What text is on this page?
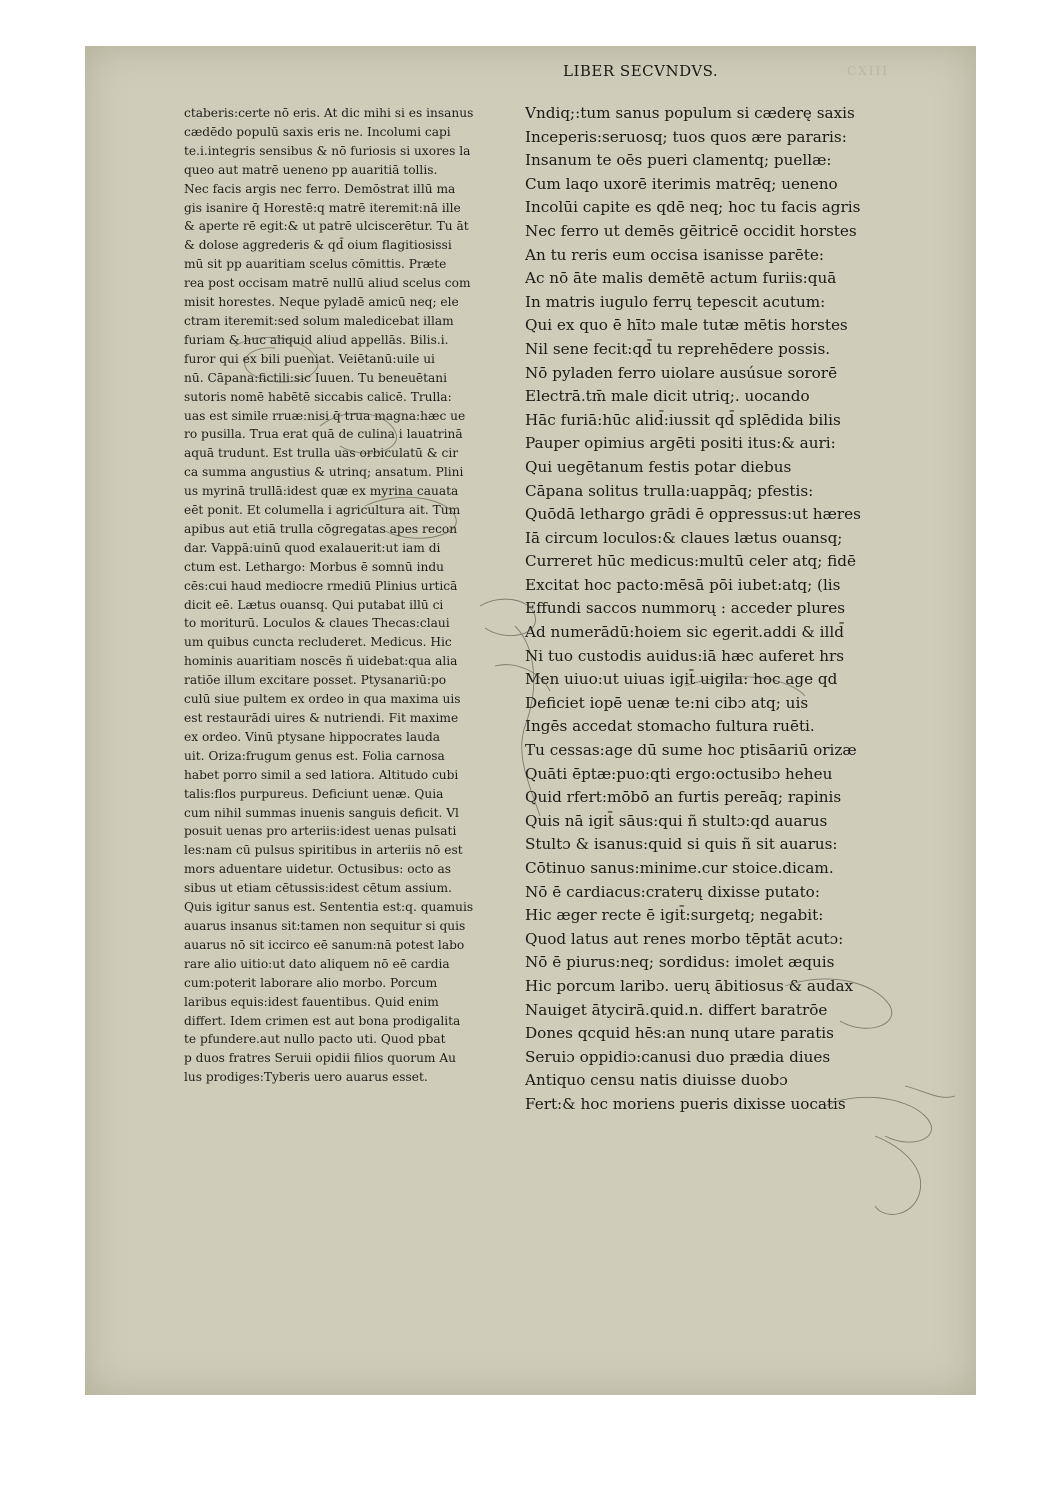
CXIII
LIBER SECVNDVS.
ctaberis:certe nō eris. At dic mihi si es insanus
cædēdo populū saxis eris ne. Incolumi capi
te.i.integris sensibus & nō furiosis si uxores la
queo aut matrē ueneno pp auaritiā tollis.
Nec facis argis nec ferro. Demōstrat illū ma
gis isanire q̄ Horestē:q matrē iteremit:nā ille
& aperte rē egit:& ut patrē ulciscerētur. Tu āt
& dolose aggrederis & qd̄ oium flagitiosissi
mū sit pp auaritiam scelus cōmittis. Præte
rea post occisam matrē nullū aliud scelus com
misit horestes. Neque pyladē amicū neq; ele
ctram iteremit:sed solum maledicebat illam
furiam & huc aliquid aliud appellās. Bilis.i.
furor qui ex bili pueniat. Veiētanū:uile ui
nū. Cāpana:fictili:sic Iuuen. Tu beneuētani
sutoris nomē habētē siccabis calicē. Trulla:
uas est simile rruæ:nisi q̄ trua magna:hæc ue
ro pusilla. Trua erat quā de culina i lauatrinā
aquā trudunt. Est trulla uas orbiculatū & cir
ca summa angustius & utrinq; ansatum. Plini
us myrinā trullā:idest quæ ex myrina cauata
eēt ponit. Et columella i agricultura ait. Tum
apibus aut etiā trulla cōgregatas apes recon
dar. Vappā:uinū quod exalauerit:ut iam di
ctum est. Lethargo: Morbus ē somnū indu
cēs:cui haud mediocre rmediū Plinius urticā
dicit eē. Lætus ouansq. Qui putabat illū ci
to moriturū. Loculos & claues Thecas:claui
um quibus cuncta recluderet. Medicus. Hic
hominis auaritiam noscēs ñ uidebat:qua alia
ratiōe illum excitare posset. Ptysanariū:po
culū siue pultem ex ordeo in qua maxima uis
est restaurādi uires & nutriendi. Fit maxime
ex ordeo. Vinū ptysane hippocrates lauda
uit. Oriza:frugum genus est. Folia carnosa
habet porro simil a sed latiora. Altitudo cubi
talis:flos purpureus. Deficiunt uenæ. Quia
cum nihil summas inuenis sanguis deficit. Vl
posuit uenas pro arteriis:idest uenas pulsati
les:nam cū pulsus spiritibus in arteriis nō est
mors aduentare uidetur. Octusibus: octo as
sibus ut etiam cētussis:idest cētum assium.
Quis igitur sanus est. Sententia est:q. quamuis
auarus insanus sit:tamen non sequitur si quis
auarus nō sit iccirco eē sanum:nā potest labo
rare alio uitio:ut dato aliquem nō eē cardia
cum:poterit laborare alio morbo. Porcum
laribus equis:idest fauentibus. Quid enim
differt. Idem crimen est aut bona prodigalita
te pfundere.aut nullo pacto uti. Quod pbat
p duos fratres Seruii opidii filios quorum Au
lus prodiges:Tyberis uero auarus esset.
Vndiq;:tum sanus populum si cæderę saxis
Inceperis:seruosq; tuos quos ære pararis:
Insanum te oēs pueri clamentq; puellæ:
Cum laqo uxorē iterimis matrēq; ueneno
Incolūi capite es qdē neq; hoc tu facis agris
Nec ferro ut demēs gēitricē occidit horstes
An tu reris eum occisa isanisse parēte:
Ac nō āte malis demētē actum furiis:quā
In matris iugulo ferrų tepescit acutum:
Qui ex quo ē hītɔ male tutæ mētis horstes
Nil sene fecit:qd̄ tu reprehēdere possis.
Nō pyladen ferro uiolare ausúsue sororē
Electrā.tm̄ male dicit utriq;. uocando
Hāc furiā:hūc alid̄:iussit qd̄ splēdida bilis
Pauper opimius argēti positi itus:& auri:
Qui uegētanum festis potar diebus
Cāpana solitus trulla:uappāq; pfestis:
Quōdā lethargo grādi ē oppressus:ut hæres
Iā circum loculos:& claues lætus ouansq;
Curreret hūc medicus:multū celer atq; fidē
Excitat hoc pacto:mēsā pōi iubet:atq; (lis
Effundi saccos nummorų : acceder plures
Ad numerādū:hoiem sic egerit.addi & illd̄
Ni tuo custodis auidus:iā hæc auferet hrs
Men uiuo:ut uiuas igit̄ uigila: hoc age qd
Deficiet iopē uenæ te:ni cibɔ atq; uis
Ingēs accedat stomacho fultura ruēti.
Tu cessas:age dū sume hoc ptisāariū orizæ
Quāti ēptæ:puo:qti ergo:octusibɔ heheu
Quid rfert:mōbō an furtis pereāq; rapinis
Quis nā igit̄ sāus:qui ñ stultɔ:qd auarus
Stultɔ & isanus:quid si quis ñ sit auarus:
Cōtinuo sanus:minime.cur stoice.dicam.
Nō ē cardiacus:craterų dixisse putato:
Hic æger recte ē igit̄:surgetq; negabit:
Quod latus aut renes morbo tēptāt acutɔ:
Nō ē piurus:neq; sordidus: imolet æquis
Hic porcum laribɔ. uerų ābitiosus & audax
Nauiget ātycirā.quid.n. differt baratrōe
Dones qcquid hēs:an nunq utare paratis
Seruiɔ oppidiɔ:canusi duo prædia diues
Antiquo censu natis diuisse duobɔ
Fert:& hoc moriens pueris dixisse uocatis
